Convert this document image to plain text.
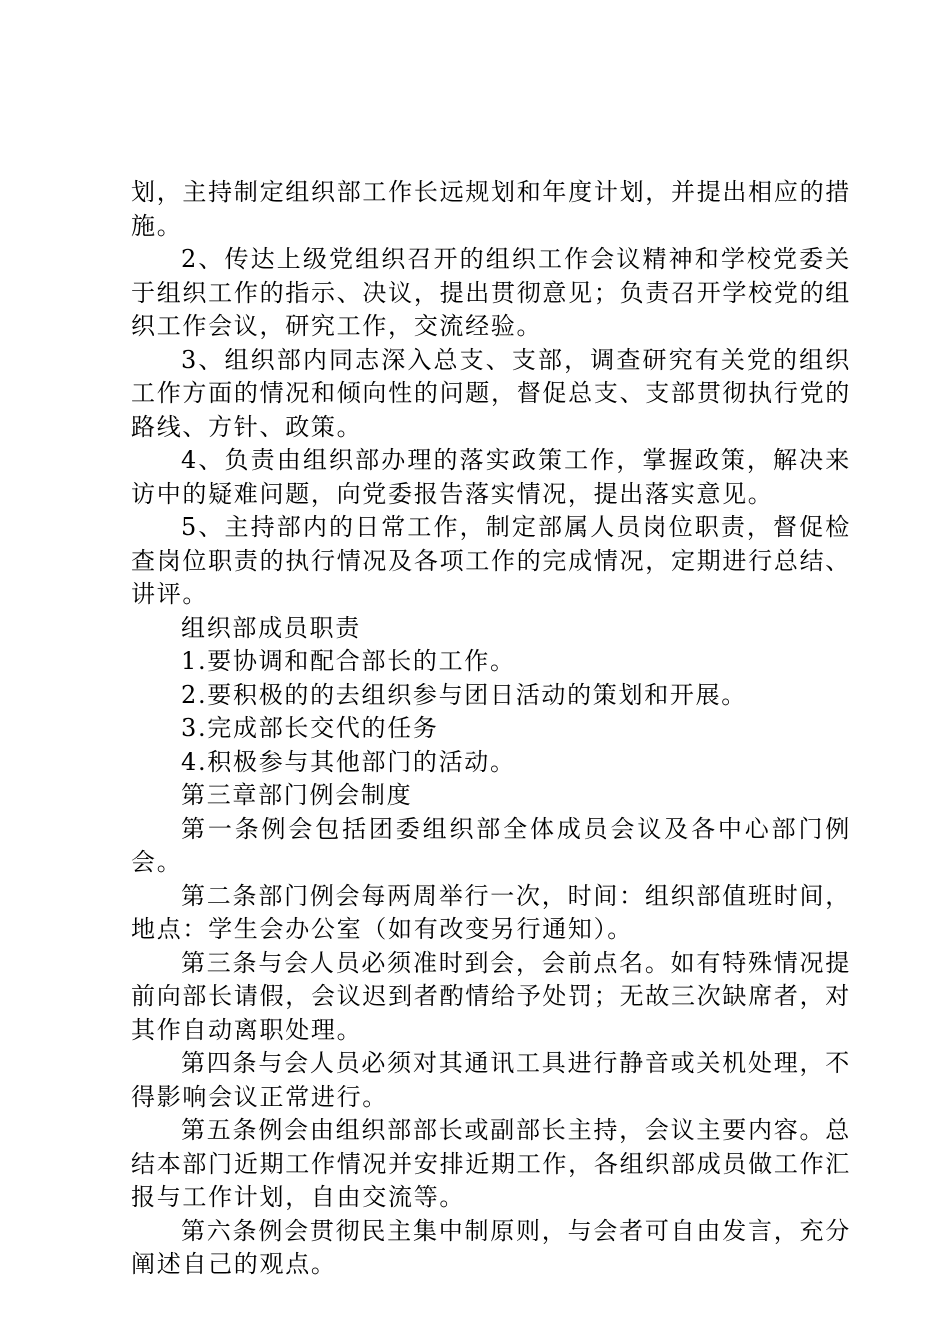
划，主持制定组织部工作长远规划和年度计划，并提出相应的措施。

2、传达上级党组织召开的组织工作会议精神和学校党委关于组织工作的指示、决议，提出贯彻意见；负责召开学校党的组织工作会议，研究工作，交流经验。

3、组织部内同志深入总支、支部，调查研究有关党的组织工作方面的情况和倾向性的问题，督促总支、支部贯彻执行党的路线、方针、政策。

4、负责由组织部办理的落实政策工作，掌握政策，解决来访中的疑难问题，向党委报告落实情况，提出落实意见。

5、主持部内的日常工作，制定部属人员岗位职责，督促检查岗位职责的执行情况及各项工作的完成情况，定期进行总结、讲评。

组织部成员职责

1.要协调和配合部长的工作。

2.要积极的的去组织参与团日活动的策划和开展。

3.完成部长交代的任务

4.积极参与其他部门的活动。

第三章部门例会制度

第一条例会包括团委组织部全体成员会议及各中心部门例会。

第二条部门例会每两周举行一次，时间：组织部值班时间，地点：学生会办公室（如有改变另行通知）。

第三条与会人员必须准时到会，会前点名。如有特殊情况提前向部长请假，会议迟到者酌情给予处罚；无故三次缺席者，对其作自动离职处理。

第四条与会人员必须对其通讯工具进行静音或关机处理，不得影响会议正常进行。

第五条例会由组织部部长或副部长主持，会议主要内容。总结本部门近期工作情况并安排近期工作，各组织部成员做工作汇报与工作计划，自由交流等。

第六条例会贯彻民主集中制原则，与会者可自由发言，充分阐述自己的观点。
